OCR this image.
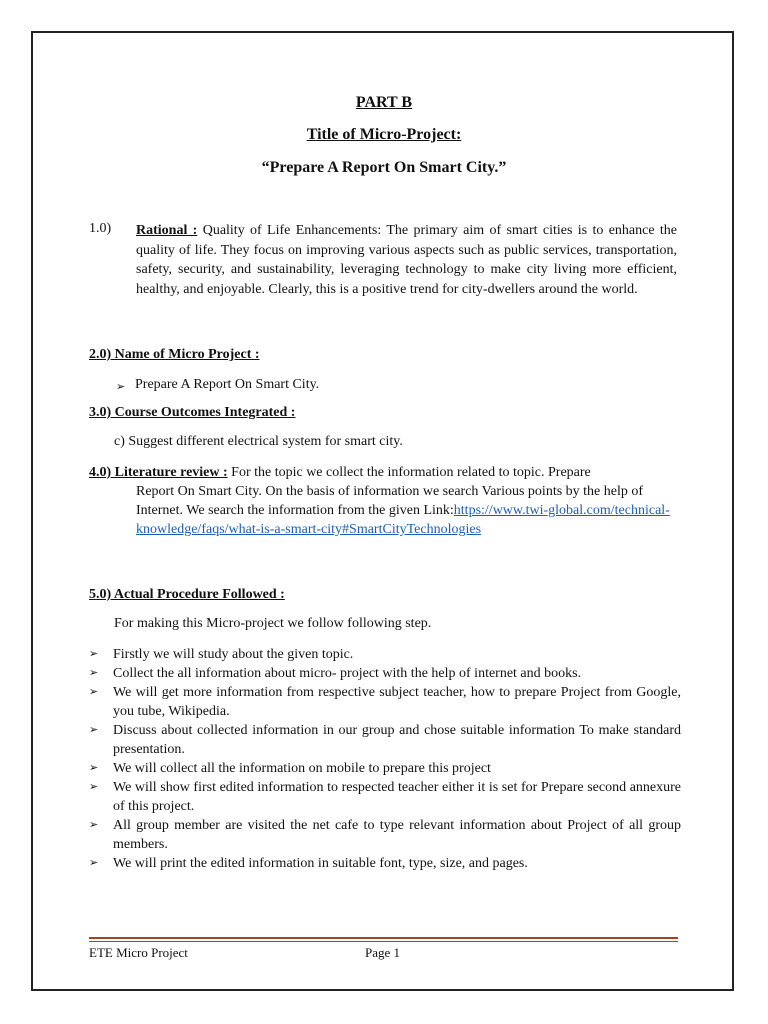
PART B
Title of Micro-Project:
“Prepare A Report On Smart City.”
1.0) Rational : Quality of Life Enhancements: The primary aim of smart cities is to enhance the quality of life. They focus on improving various aspects such as public services, transportation, safety, security, and sustainability, leveraging technology to make city living more efficient, healthy, and enjoyable. Clearly, this is a positive trend for city-dwellers around the world.
2.0) Name of Micro Project :
➢ Prepare A Report On Smart City.
3.0) Course Outcomes Integrated :
c) Suggest different electrical system for smart city.
4.0) Literature review : For the topic we collect the information related to topic. Prepare
Report On Smart City. On the basis of information we search Various points by the help of Internet. We search the information from the given Link:https://www.twi-global.com/technical-knowledge/faqs/what-is-a-smart-city#SmartCityTechnologies
5.0) Actual Procedure Followed :
For making this Micro-project we follow following step.

➢ Firstly we will study about the given topic.

➢ Collect the all information about micro- project with the help of internet and books.

➢ We will get more information from respective subject teacher, how to prepare Project from Google, you tube, Wikipedia.

➢ Discuss about collected information in our group and chose suitable information To make standard presentation.

➢ We will collect all the information on mobile to prepare this project

➢ We will show first edited information to respected teacher either it is set for Prepare second annexure of this project.

➢ All group member are visited the net cafe to type relevant information about Project of all group members.

➢ We will print the edited information in suitable font, type, size, and pages.

ETE Micro Project	Page 1
